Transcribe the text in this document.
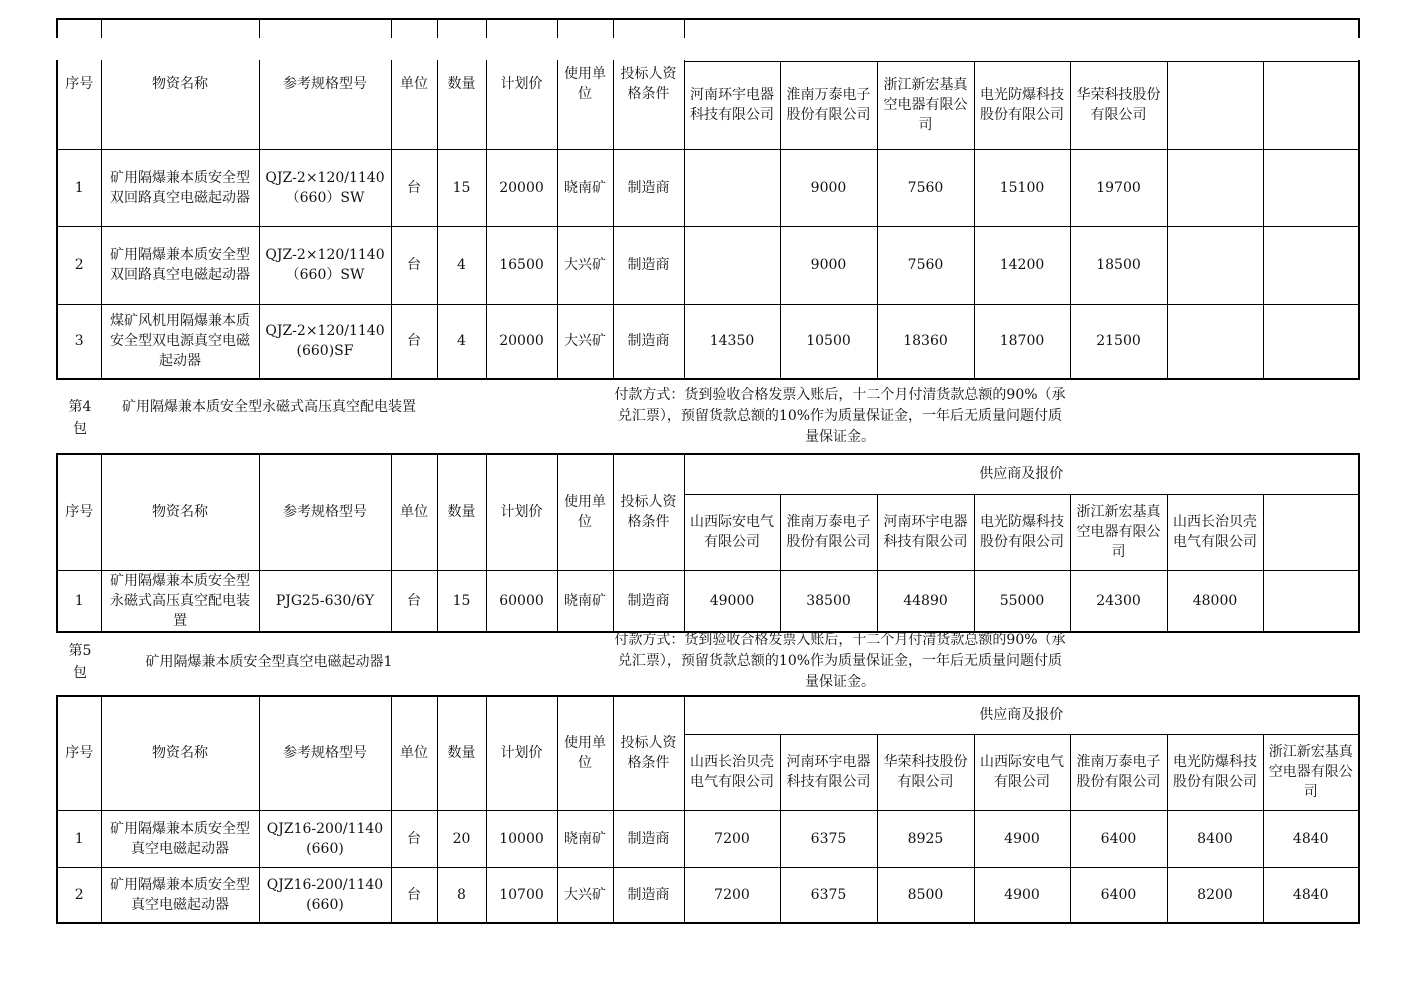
序号	物资名称	参考规格型号	单位	数量	计划价	使用单位	投标人资格条件							
								河南环宇电器科技有限公司	淮南万泰电子股份有限公司	浙江新宏基真空电器有限公司	电光防爆科技股份有限公司	华荣科技股份有限公司		
1	矿用隔爆兼本质安全型双回路真空电磁起动器	QJZ-2×120/1140（660）SW	台	15	20000	晓南矿	制造商		9000	7560	15100	19700		
2	矿用隔爆兼本质安全型双回路真空电磁起动器	QJZ-2×120/1140（660）SW	台	4	16500	大兴矿	制造商		9000	7560	14200	18500		
3	煤矿风机用隔爆兼本质安全型双电源真空电磁起动器	QJZ-2×120/1140(660)SF	台	4	20000	大兴矿	制造商	14350	10500	18360	18700	21500		
第4包
矿用隔爆兼本质安全型永磁式高压真空配电装置
付款方式：货到验收合格发票入账后，十二个月付清货款总额的90%（承兑汇票），预留货款总额的10%作为质量保证金，一年后无质量问题付质量保证金。
序号	物资名称	参考规格型号	单位	数量	计划价	使用单位	投标人资格条件	供应商及报价						
								山西际安电气有限公司	淮南万泰电子股份有限公司	河南环宇电器科技有限公司	电光防爆科技股份有限公司	浙江新宏基真空电器有限公司	山西长治贝壳电气有限公司	
1	矿用隔爆兼本质安全型永磁式高压真空配电装置	PJG25-630/6Y	台	15	60000	晓南矿	制造商	49000	38500	44890	55000	24300	48000	
第5包
矿用隔爆兼本质安全型真空电磁起动器1
付款方式：货到验收合格发票入账后，十二个月付清货款总额的90%（承兑汇票），预留货款总额的10%作为质量保证金，一年后无质量问题付质量保证金。
序号	物资名称	参考规格型号	单位	数量	计划价	使用单位	投标人资格条件	供应商及报价						
								山西长治贝壳电气有限公司	河南环宇电器科技有限公司	华荣科技股份有限公司	山西际安电气有限公司	淮南万泰电子股份有限公司	电光防爆科技股份有限公司	浙江新宏基真空电器有限公司
1	矿用隔爆兼本质安全型真空电磁起动器	QJZ16-200/1140(660)	台	20	10000	晓南矿	制造商	7200	6375	8925	4900	6400	8400	4840
2	矿用隔爆兼本质安全型真空电磁起动器	QJZ16-200/1140(660)	台	8	10700	大兴矿	制造商	7200	6375	8500	4900	6400	8200	4840
